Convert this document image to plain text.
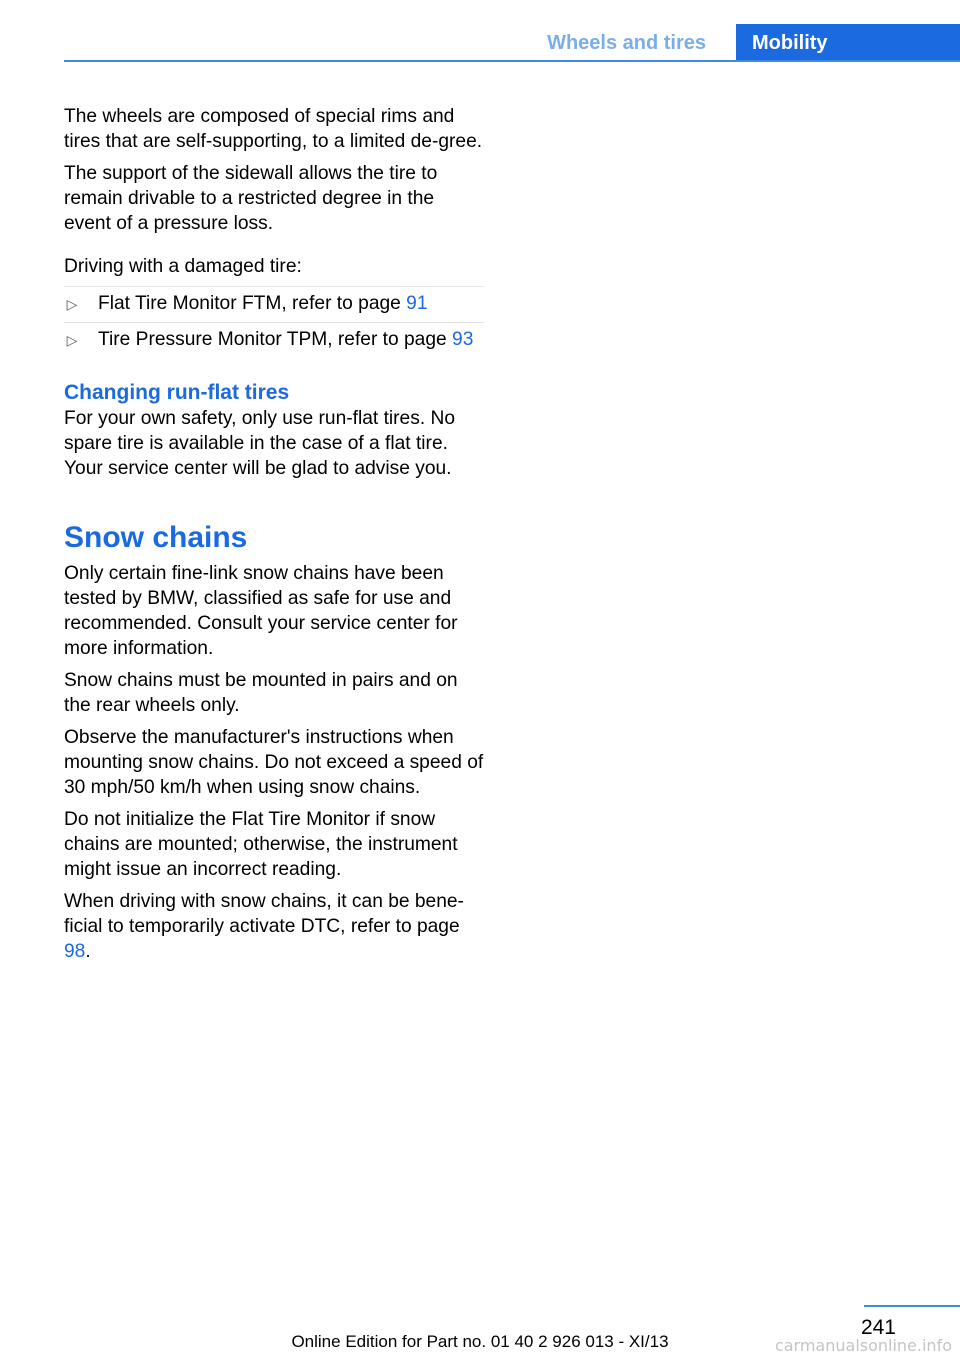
Wheels and tires	Mobility

The wheels are composed of special rims and tires that are self-supporting, to a limited de-gree.

The support of the sidewall allows the tire to remain drivable to a restricted degree in the event of a pressure loss.

Driving with a damaged tire:

▷ Flat Tire Monitor FTM, refer to page 91
▷ Tire Pressure Monitor TPM, refer to page 93
Changing run-flat tires

For your own safety, only use run-flat tires. No spare tire is available in the case of a flat tire. Your service center will be glad to advise you.

Snow chains

Only certain fine-link snow chains have been tested by BMW, classified as safe for use and recommended. Consult your service center for more information.

Snow chains must be mounted in pairs and on the rear wheels only.

Observe the manufacturer's instructions when mounting snow chains. Do not exceed a speed of 30 mph/50 km/h when using snow chains.

Do not initialize the Flat Tire Monitor if snow chains are mounted; otherwise, the instrument might issue an incorrect reading.

When driving with snow chains, it can be bene-ficial to temporarily activate DTC, refer to page 98.

241
Online Edition for Part no. 01 40 2 926 013 - XI/13	carmanualsonline.info
